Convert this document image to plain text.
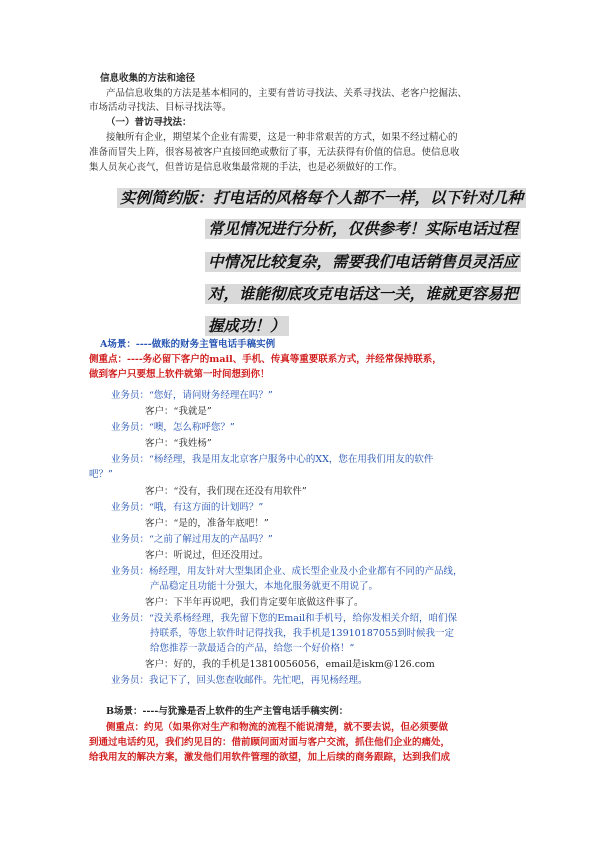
信息收集的方法和途径
产品信息收集的方法是基本相同的，主要有普访寻找法、关系寻找法、老客户挖掘法、
市场活动寻找法、目标寻找法等。
（一）普访寻找法：
接触所有企业，期望某个企业有需要，这是一种非常艰苦的方式，如果不经过精心的
准备而冒失上阵，很容易被客户直接回绝或敷衍了事，无法获得有价值的信息。使信息收
集人员灰心丧气，但普访是信息收集最常规的手法，也是必须做好的工作。
实例简约版：打电话的风格每个人都不一样，以下针对几种
常见情况进行分析，仅供参考！实际电话过程
中情况比较复杂，需要我们电话销售员灵活应
对，谁能彻底攻克电话这一关，谁就更容易把
握成功！）
A场景：----做账的财务主管电话手稿实例
侧重点：----务必留下客户的mail、手机、传真等重要联系方式，并经常保持联系，
做到客户只要想上软件就第一时间想到你！
业务员：“您好，请问财务经理在吗？”
客户：“我就是”
业务员：“噢，怎么称呼您？”
客户：“我姓杨”
业务员：“杨经理，我是用友北京客户服务中心的XX，您在用我们用友的软件
吧？”
客户：“没有，我们现在还没有用软件”
业务员：“哦，有这方面的计划吗？”
客户：“是的，准备年底吧！”
业务员：“之前了解过用友的产品吗？”
客户：听说过，但还没用过。
业务员：杨经理，用友针对大型集团企业、成长型企业及小企业都有不同的产品线，
产品稳定且功能十分强大，本地化服务就更不用说了。
客户：下半年再说吧，我们肯定要年底做这件事了。
业务员：“没关系杨经理，我先留下您的Email和手机号，给你发相关介绍，咱们保
持联系，等您上软件时记得找我，我手机是13910187055到时候我一定
给您推荐一款最适合的产品，给您一个好价格！”
客户：好的，我的手机是13810056056，email是iskm@126.com
业务员：我记下了，回头您查收邮件。先忙吧，再见杨经理。
B场景：----与犹豫是否上软件的生产主管电话手稿实例：
侧重点：约见（如果你对生产和物流的流程不能说清楚，就不要去说，但必须要做
到通过电话约见，我们约见目的：借前顾问面对面与客户交流，抓住他们企业的痛处，
给我用友的解决方案，激发他们用软件管理的欲望，加上后续的商务跟踪，达到我们成
